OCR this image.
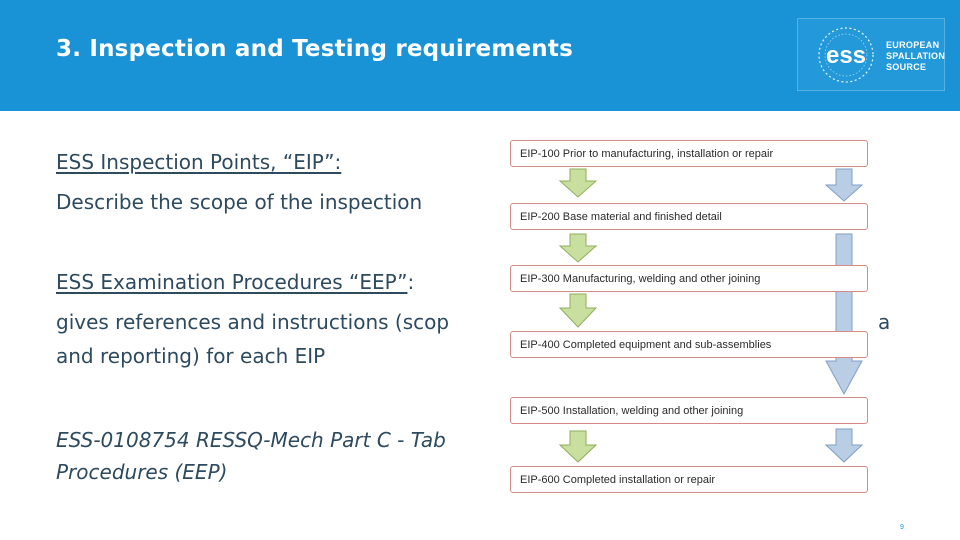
3. Inspection and Testing requirements	ess EUROPEAN
SPALLATION
SOURCE
ESS Inspection Points, “EIP”:
Describe the scope of the inspection
ESS Examination Procedures “EEP”:
gives references and instructions (scop	a
and reporting) for each EIP
ESS-0108754 RESSQ-Mech Part C - Tab
Procedures (EEP)
EIP-100 Prior to manufacturing, installation or repair
EIP-200 Base material and finished detail
EIP-300 Manufacturing, welding and other joining
EIP-400 Completed equipment and sub-assemblies
EIP-500 Installation, welding and other joining
EIP-600 Completed installation or repair
9
